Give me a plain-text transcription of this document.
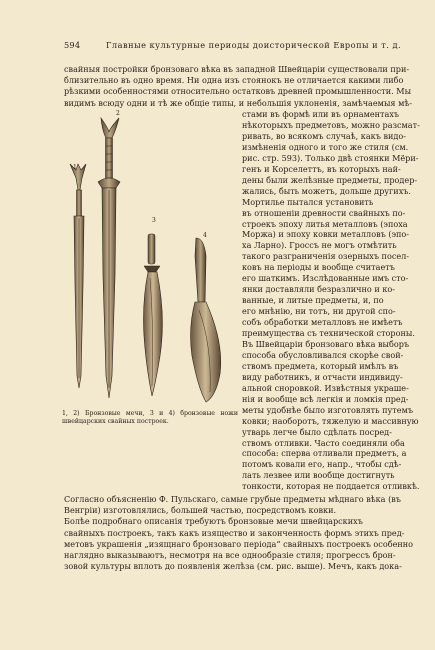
594	Главные культурные периоды доисторической Европы и т. д.
свайныя постройки бронзоваго вѣка въ западной Швейцаріи существовали при-
близительно въ одно время. Ни одна изъ стоянокъ не отличается какими либо
рѣзкими особенностями относительно остатковъ древней промышленности. Мы
видимъ всюду одни и тѣ же общіе типы, и небольшія уклоненія, замѣчаемыя мѣ-
1
2
3
4
1, 2) Бронзовые мечи, 3 и 4) бронзовые ножи швейцарских свайных построек.
стами въ формѣ или въ орнаментахъ
нѣкоторыхъ предметовъ, можно разсмат-
ривать, во всякомъ случаѣ, какъ видо-
измѣненія одного и того же стиля (см.
рис. стр. 593). Только двѣ стоянки Мёри-
генъ и Корселеттъ, въ которыхъ най-
дены были желѣзные предметы, продер-
жались, быть можетъ, дольше другихъ.
Мортилье пытался установить
въ отношеніи древности свайныхъ по-
строекъ эпоху литья металловъ (эпоха
Моржа) и эпоху ковки металловъ (эпо-
ха Ларно). Гроссъ не могъ отмѣтить
такого разграниченія озерныхъ посел-
ковъ на періоды и вообще считаетъ
его шаткимъ. Изслѣдованные имъ сто-
янки доставляли безразлично и ко-
ванные, и литые предметы, и, по
его мнѣнію, ни тотъ, ни другой спо-
собъ обработки металловъ не имѣетъ
преимущества съ технической стороны.
Въ Швейцаріи бронзоваго вѣка выборъ
способа обусловливался скорѣе свой-
ствомъ предмета, который имѣлъ въ
виду работникъ, и отчасти индивиду-
альной сноровкой. Извѣстныя украше-
нія и вообще всѣ легкія и ломкія пред-
меты удобнѣе было изготовлять путемъ
ковки; наоборотъ, тяжелую и массивную
утварь легче было сдѣлать посред-
ствомъ отливки. Часто соединяли оба
способа: сперва отливали предметъ, а
потомъ ковали его, напр., чтобы сдѣ-
лать лезвее или вообще достигнуть
тонкости, которая не поддается отливкѣ.
Согласно объясненію Ф. Пульскаго, самые грубые предметы мѣднаго вѣка (въ
Венгріи) изготовлялись, большей частью, посредствомъ ковки.
Болѣе подробнаго описанія требуютъ бронзовые мечи швейцарскихъ
свайныхъ построекъ, такъ какъ изящество и законченность формъ этихъ пред-
метовъ украшенія „изящнаго бронзоваго періода“ свайныхъ построекъ особенно
наглядно выказываютъ, несмотря на все однообразіе стиля; прогрессъ брон-
зовой культуры вплоть до появленія желѣза (см. рис. выше). Мечъ, какъ дока-
